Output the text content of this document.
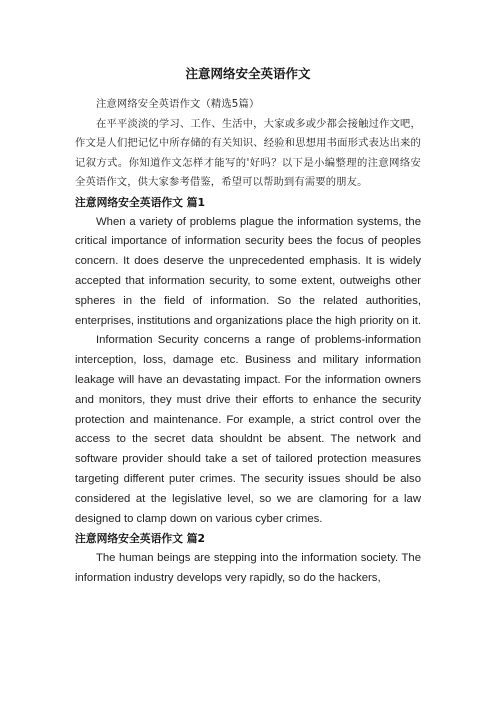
注意网络安全英语作文

注意网络安全英语作文（精选5篇）

在平平淡淡的学习、工作、生活中，大家或多或少都会接触过作文吧，作文是人们把记忆中所存储的有关知识、经验和思想用书面形式表达出来的记叙方式。你知道作文怎样才能写的'好吗？以下是小编整理的注意网络安全英语作文，供大家参考借鉴，希望可以帮助到有需要的朋友。

注意网络安全英语作文 篇1

When a variety of problems plague the information systems, the critical importance of information security bees the focus of peoples concern. It does deserve the unprecedented emphasis. It is widely accepted that information security, to some extent, outweighs other spheres in the field of information. So the related authorities, enterprises, institutions and organizations place the high priority on it.

Information Security concerns a range of problems-information interception, loss, damage etc. Business and military information leakage will have an devastating impact. For the information owners and monitors, they must drive their efforts to enhance the security protection and maintenance. For example, a strict control over the access to the secret data shouldnt be absent. The network and software provider should take a set of tailored protection measures targeting different puter crimes. The security issues should be also considered at the legislative level, so we are clamoring for a law designed to clamp down on various cyber crimes.

注意网络安全英语作文 篇2

The human beings are stepping into the information society. The information industry develops very rapidly, so do the hackers,
